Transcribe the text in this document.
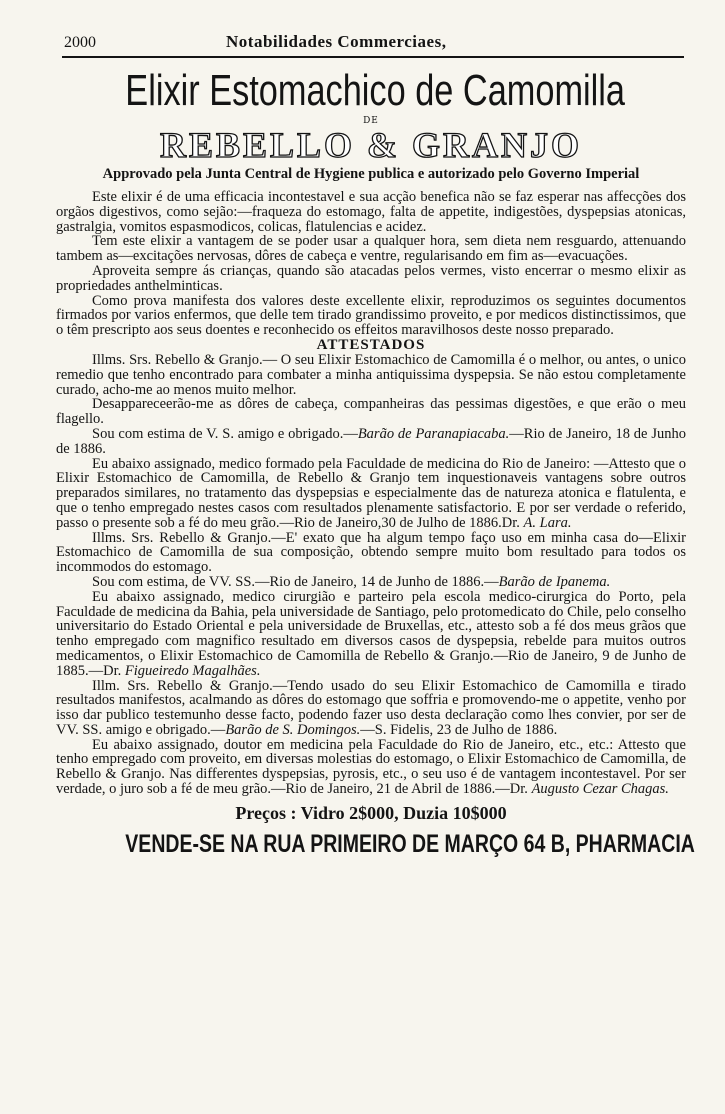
2000	Notabilidades Commerciaes,
Elixir Estomachico de Camomilla
DE
REBELLO & GRANJO
Approvado pela Junta Central de Hygiene publica e autorizado pelo Governo Imperial

Este elixir é de uma efficacia incontestavel e sua acção benefica não se faz esperar nas affecções dos orgãos digestivos, como sejão:—fraqueza do estomago, falta de appetite, indigestões, dyspepsias atonicas, gastralgia, vomitos espasmodicos, colicas, flatulencias e acidez.

Tem este elixir a vantagem de se poder usar a qualquer hora, sem dieta nem resguardo, attenuando tambem as—excitações nervosas, dôres de cabeça e ventre, regularisando em fim as—evacuações.

Aproveita sempre ás crianças, quando são atacadas pelos vermes, visto encerrar o mesmo elixir as propriedades anthelminticas.

Como prova manifesta dos valores deste excellente elixir, reproduzimos os seguintes documentos firmados por varios enfermos, que delle tem tirado grandissimo proveito, e por medicos distinctissimos, que o têm prescripto aos seus doentes e reconhecido os effeitos maravilhosos deste nosso preparado.

ATTESTADOS

Illms. Srs. Rebello & Granjo.— O seu Elixir Estomachico de Camomilla é o melhor, ou antes, o unico remedio que tenho encontrado para combater a minha antiquissima dyspepsia. Se não estou completamente curado, acho-me ao menos muito melhor.

Desappareceerão-me as dôres de cabeça, companheiras das pessimas digestões, e que erão o meu flagello.

Sou com estima de V. S. amigo e obrigado.—Barão de Paranapiacaba.—Rio de Janeiro, 18 de Junho de 1886.

Eu abaixo assignado, medico formado pela Faculdade de medicina do Rio de Janeiro: —Attesto que o Elixir Estomachico de Camomilla, de Rebello & Granjo tem inquestionaveis vantagens sobre outros preparados similares, no tratamento das dyspepsias e especialmente das de natureza atonica e flatulenta, e que o tenho empregado nestes casos com resultados plenamente satisfactorio. E por ser verdade o referido, passo o presente sob a fé do meu grão.—Rio de Janeiro,30 de Julho de 1886.Dr. A. Lara.

Illms. Srs. Rebello & Granjo.—E' exato que ha algum tempo faço uso em minha casa do—Elixir Estomachico de Camomilla de sua composição, obtendo sempre muito bom resultado para todos os incommodos do estomago.

Sou com estima, de VV. SS.—Rio de Janeiro, 14 de Junho de 1886.—Barão de Ipanema.

Eu abaixo assignado, medico cirurgião e parteiro pela escola medico-cirurgica do Porto, pela Faculdade de medicina da Bahia, pela universidade de Santiago, pelo protomedicato do Chile, pelo conselho universitario do Estado Oriental e pela universidade de Bruxellas, etc., attesto sob a fé dos meus grãos que tenho empregado com magnifico resultado em diversos casos de dyspepsia, rebelde para muitos outros medicamentos, o Elixir Estomachico de Camomilla de Rebello & Granjo.—Rio de Janeiro, 9 de Junho de 1885.—Dr. Figueiredo Magalhães.

Illm. Srs. Rebello & Granjo.—Tendo usado do seu Elixir Estomachico de Camomilla e tirado resultados manifestos, acalmando as dôres do estomago que soffria e promovendo-me o appetite, venho por isso dar publico testemunho desse facto, podendo fazer uso desta declaração como lhes convier, por ser de VV. SS. amigo e obrigado.—Barão de S. Domingos.—S. Fidelis, 23 de Julho de 1886.

Eu abaixo assignado, doutor em medicina pela Faculdade do Rio de Janeiro, etc., etc.: Attesto que tenho empregado com proveito, em diversas molestias do estomago, o Elixir Estomachico de Camomilla, de Rebello & Granjo. Nas differentes dyspepsias, pyrosis, etc., o seu uso é de vantagem incontestavel. Por ser verdade, o juro sob a fé de meu grão.—Rio de Janeiro, 21 de Abril de 1886.—Dr. Augusto Cezar Chagas.

Preços : Vidro 2$000, Duzia 10$000
VENDE-SE NA RUA PRIMEIRO DE MARÇO 64 B, PHARMACIA
